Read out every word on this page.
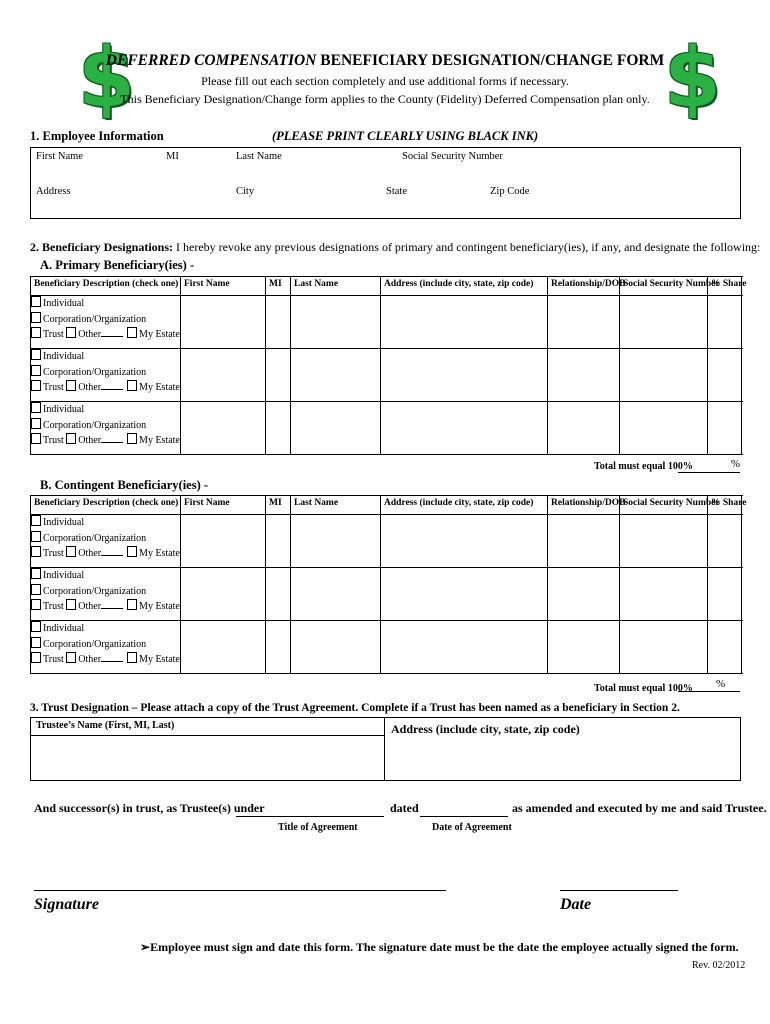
$	$
DEFERRED COMPENSATION BENEFICIARY DESIGNATION/CHANGE FORM
Please fill out each section completely and use additional forms if necessary.
This Beneficiary Designation/Change form applies to the County (Fidelity) Deferred Compensation plan only.
1. Employee Information	(PLEASE PRINT CLEARLY USING BLACK INK)
First Name	MI	Last Name	Social Security Number
Address	City	State	Zip Code
2. Beneficiary Designations: I hereby revoke any previous designations of primary and contingent beneficiary(ies), if any, and designate the following:
A. Primary Beneficiary(ies) -
Beneficiary Description (check one)	First Name	MI	Last Name	Address (include city, state, zip code)	Relationship/DOB	Social Security Number	% Share

Individual
Corporation/Organization
Trust Other My Estate							

Individual
Corporation/Organization
Trust Other My Estate							

Individual
Corporation/Organization
Trust Other My Estate							

Total must equal 100%	%
B. Contingent Beneficiary(ies) -
Beneficiary Description (check one)	First Name	MI	Last Name	Address (include city, state, zip code)	Relationship/DOB	Social Security Number	% Share

Individual
Corporation/Organization
Trust Other My Estate							

Individual
Corporation/Organization
Trust Other My Estate							

Individual
Corporation/Organization
Trust Other My Estate							

Total must equal 100%	%
3. Trust Designation – Please attach a copy of the Trust Agreement. Complete if a Trust has been named as a beneficiary in Section 2.
Trustee’s Name (First, MI, Last)	Address (include city, state, zip code)
And successor(s) in trust, as Trustee(s) under	dated	as amended and executed by me and said Trustee.
Title of Agreement	Date of Agreement
Signature	Date
➢Employee must sign and date this form. The signature date must be the date the employee actually signed the form.
Rev. 02/2012
